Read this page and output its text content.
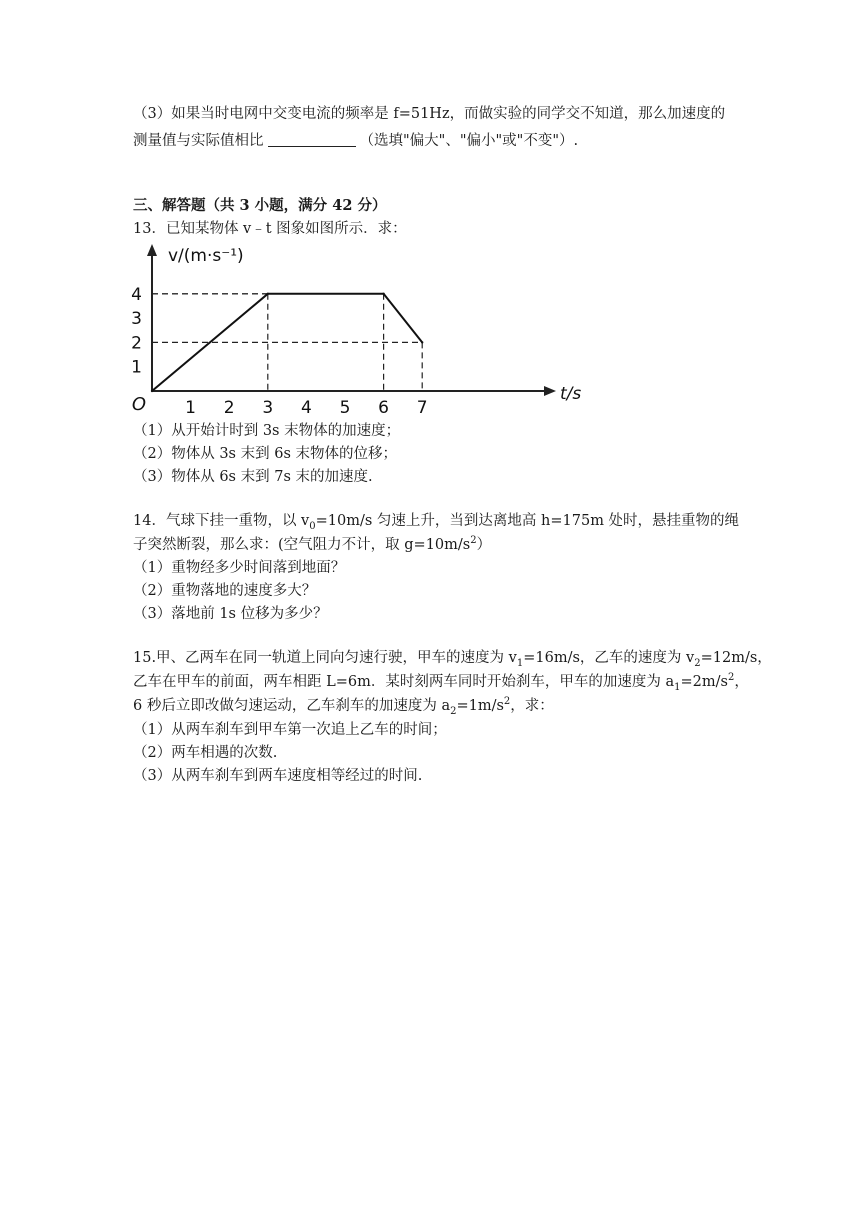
（3）如果当时电网中交变电流的频率是 f=51Hz，而做实验的同学交不知道，那么加速度的
测量值与实际值相比	（选填"偏大"、"偏小"或"不变"）.
三、解答题（共 3 小题，满分 42 分）
13．已知某物体 v﹣t 图象如图所示．求：
1 2 3 4 5 6 7
1
2
3
4
O
v/(m·s⁻¹)
t/s
（1）从开始计时到 3s 末物体的加速度；
（2）物体从 3s 末到 6s 末物体的位移；
（3）物体从 6s 末到 7s 末的加速度.
14．气球下挂一重物，以 $v_0=10m/s$ 匀速上升，当到达离地高 h=175m 处时，悬挂重物的绳
子突然断裂，那么求：(空气阻力不计，取 $g=10m/s^2$）
（1）重物经多少时间落到地面？
（2）重物落地的速度多大？
（3）落地前 1s 位移为多少？
15.甲、乙两车在同一轨道上同向匀速行驶，甲车的速度为 $v_1=16m/s$，乙车的速度为 $v_2=12m/s$，
乙车在甲车的前面，两车相距 L=6m．某时刻两车同时开始刹车，甲车的加速度为 $a_1=2m/s^2$，
6 秒后立即改做匀速运动，乙车刹车的加速度为 $a_2=1m/s^2$，求：
（1）从两车刹车到甲车第一次追上乙车的时间；
（2）两车相遇的次数.
（3）从两车刹车到两车速度相等经过的时间.
